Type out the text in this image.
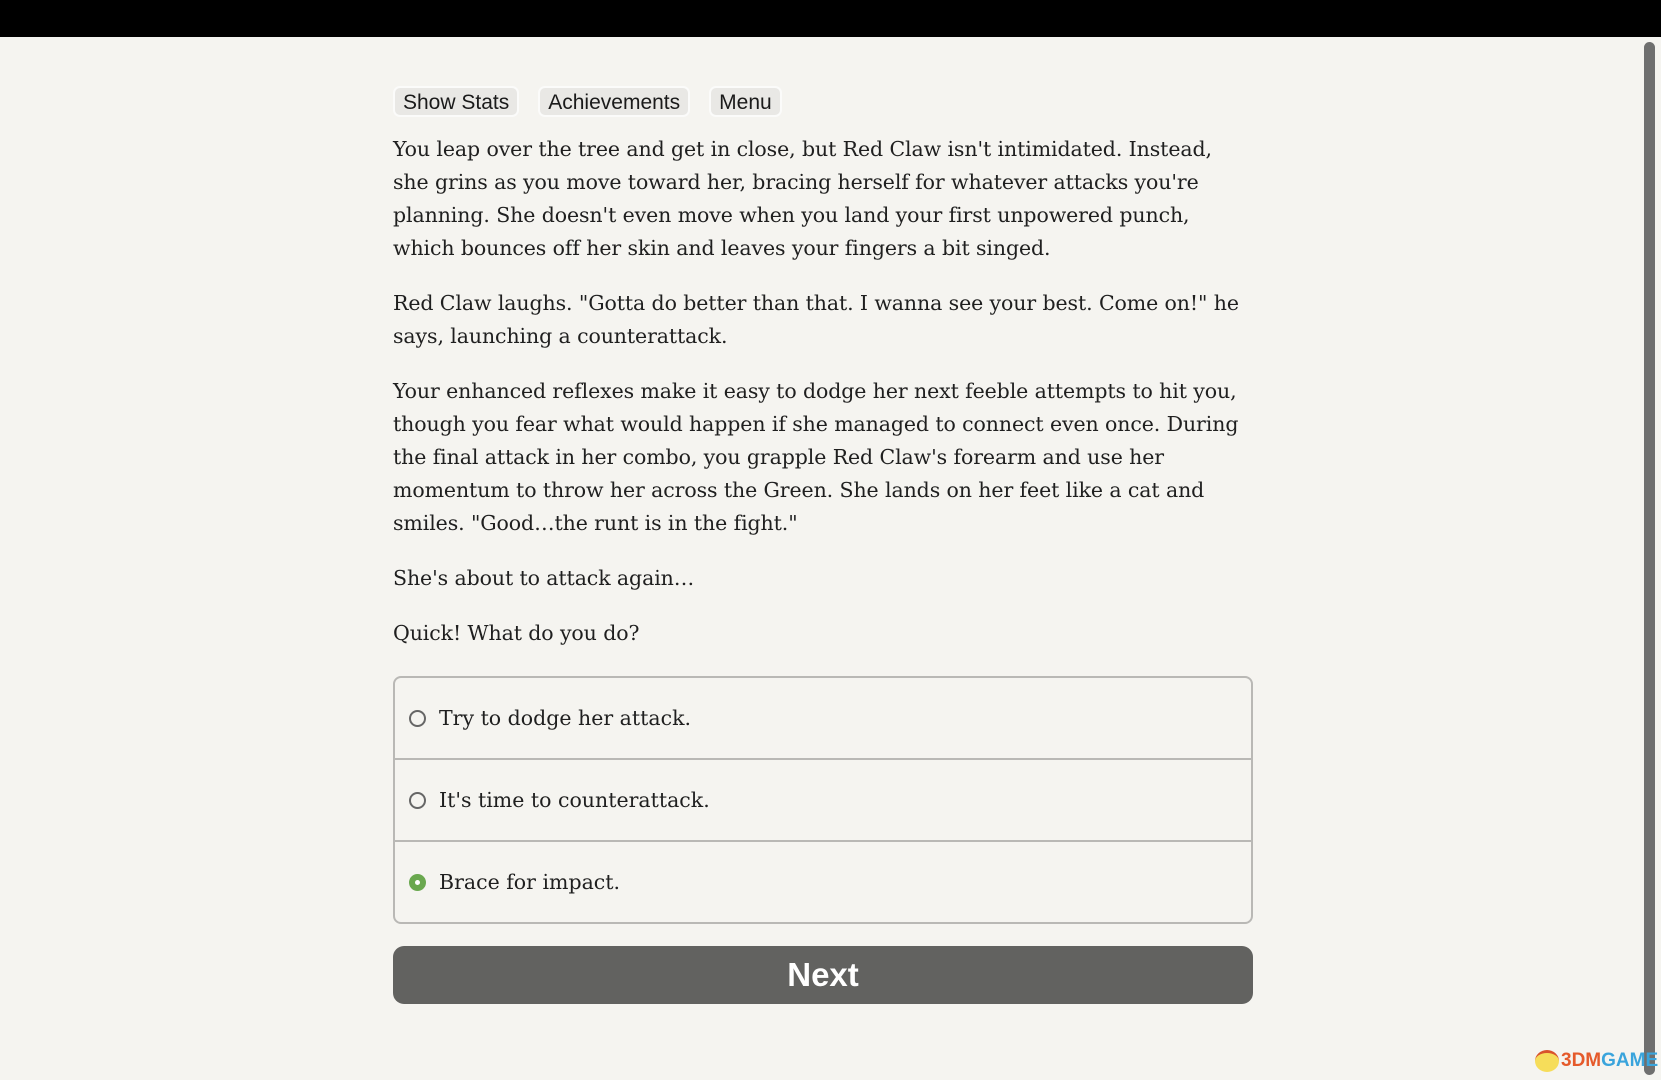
Show Stats	Achievements	Menu

You leap over the tree and get in close, but Red Claw isn't intimidated. Instead, she grins as you move toward her, bracing herself for whatever attacks you're planning. She doesn't even move when you land your first unpowered punch, which bounces off her skin and leaves your fingers a bit singed.

Red Claw laughs. "Gotta do better than that. I wanna see your best. Come on!" he says, launching a counterattack.

Your enhanced reflexes make it easy to dodge her next feeble attempts to hit you, though you fear what would happen if she managed to connect even once. During the final attack in her combo, you grapple Red Claw's forearm and use her momentum to throw her across the Green. She lands on her feet like a cat and smiles. "Good…the runt is in the fight."

She's about to attack again…

Quick! What do you do?

Try to dodge her attack.
It's time to counterattack.
Brace for impact.
Next
3DMGAME
